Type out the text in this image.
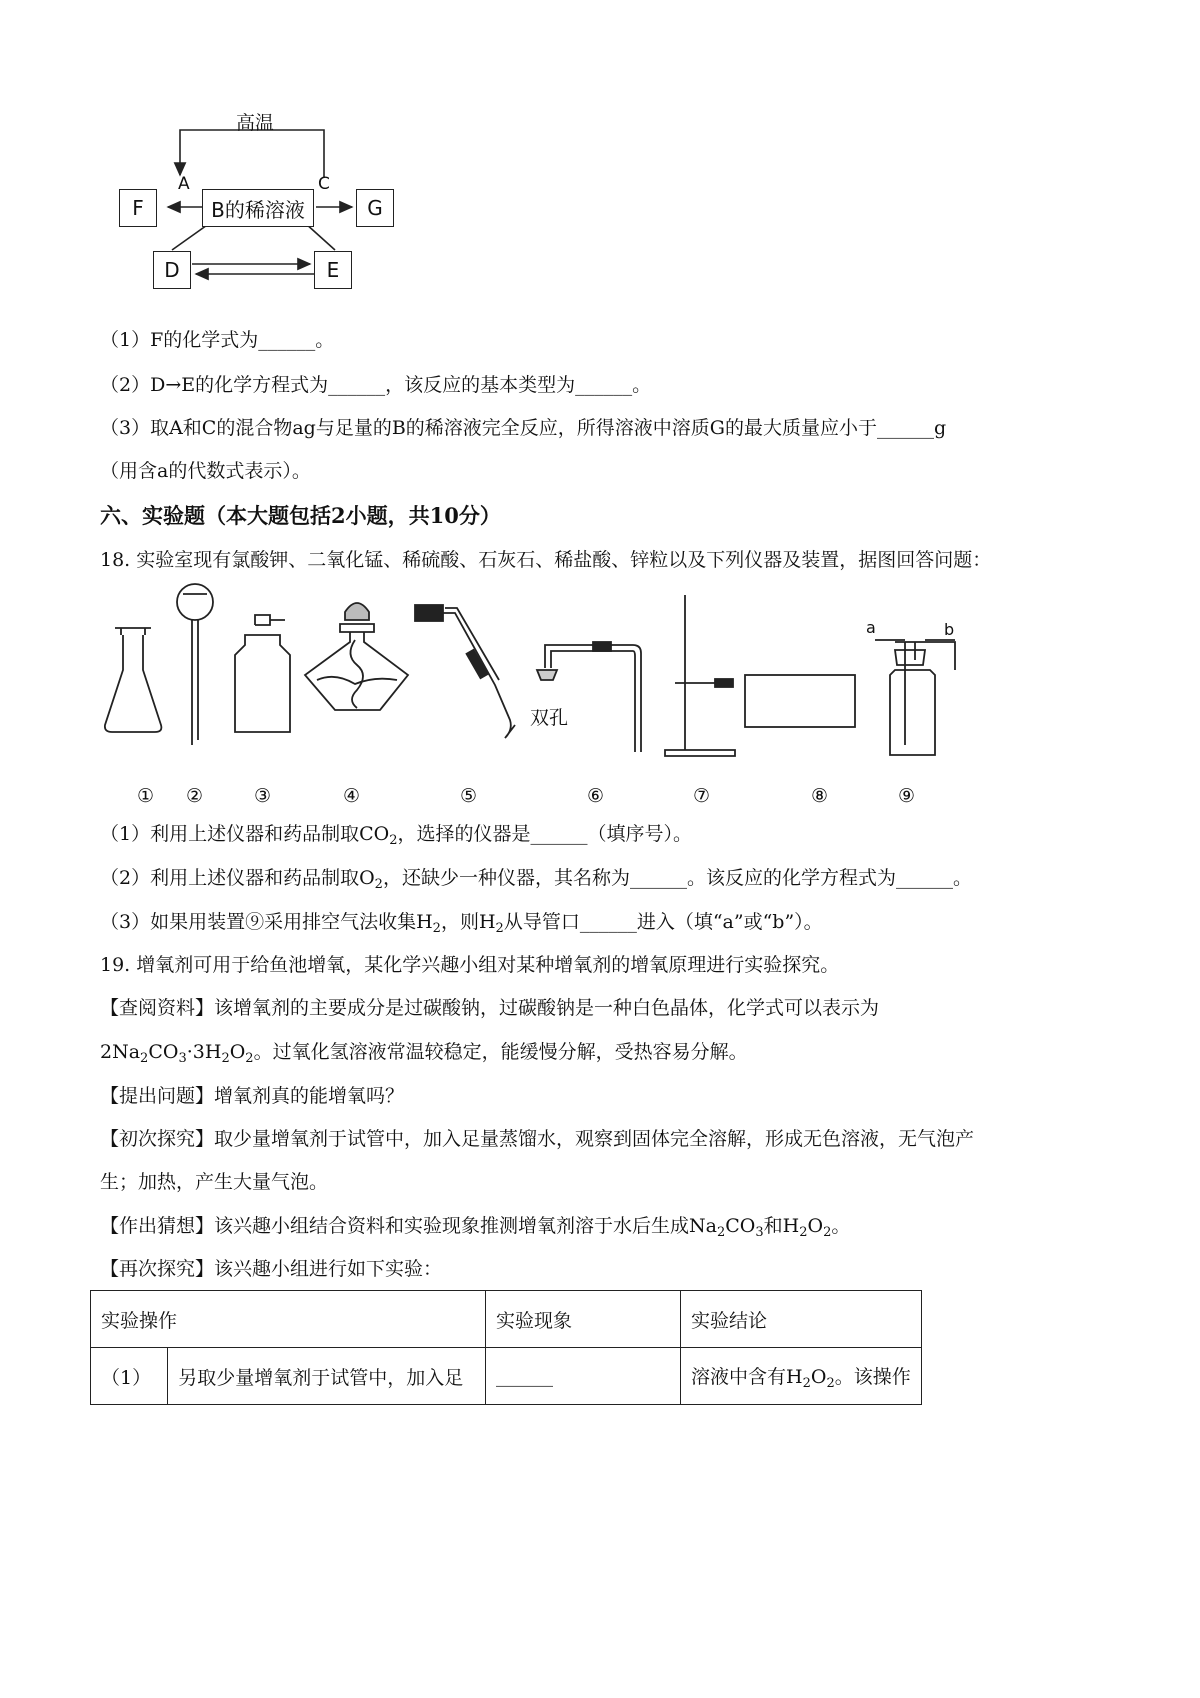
高温
A	C
F	B的稀溶液	G
D	E
（1）F的化学式为______。
（2）D→E的化学方程式为______，该反应的基本类型为______。
（3）取A和C的混合物ag与足量的B的稀溶液完全反应，所得溶液中溶质G的最大质量应小于______g
（用含a的代数式表示）。
六、实验题（本大题包括2小题，共10分）
18. 实验室现有氯酸钾、二氧化锰、稀硫酸、石灰石、稀盐酸、锌粒以及下列仪器及装置，据图回答问题：
双孔
a	b
① ②	③	④	⑤	⑥	⑦	⑧	⑨
（1）利用上述仪器和药品制取$CO_2$，选择的仪器是______（填序号）。
（2）利用上述仪器和药品制取$O_2$，还缺少一种仪器，其名称为______。该反应的化学方程式为______。
（3）如果用装置⑨采用排空气法收集$H_2$，则$H_2$从导管口______进入（填“a”或“b”）。
19. 增氧剂可用于给鱼池增氧，某化学兴趣小组对某种增氧剂的增氧原理进行实验探究。
【查阅资料】该增氧剂的主要成分是过碳酸钠，过碳酸钠是一种白色晶体，化学式可以表示为
$2Na_2CO_3\cdot 3H_2O_2$。过氧化氢溶液常温较稳定，能缓慢分解，受热容易分解。
【提出问题】增氧剂真的能增氧吗？
【初次探究】取少量增氧剂于试管中，加入足量蒸馏水，观察到固体完全溶解，形成无色溶液，无气泡产
生；加热，产生大量气泡。
【作出猜想】该兴趣小组结合资料和实验现象推测增氧剂溶于水后生成$Na_2CO_3$和$H_2O_2$。
【再次探究】该兴趣小组进行如下实验：
实验操作		实验现象	实验结论
（1）	另取少量增氧剂于试管中，加入足	______	溶液中含有$H_2O_2$。该操作
